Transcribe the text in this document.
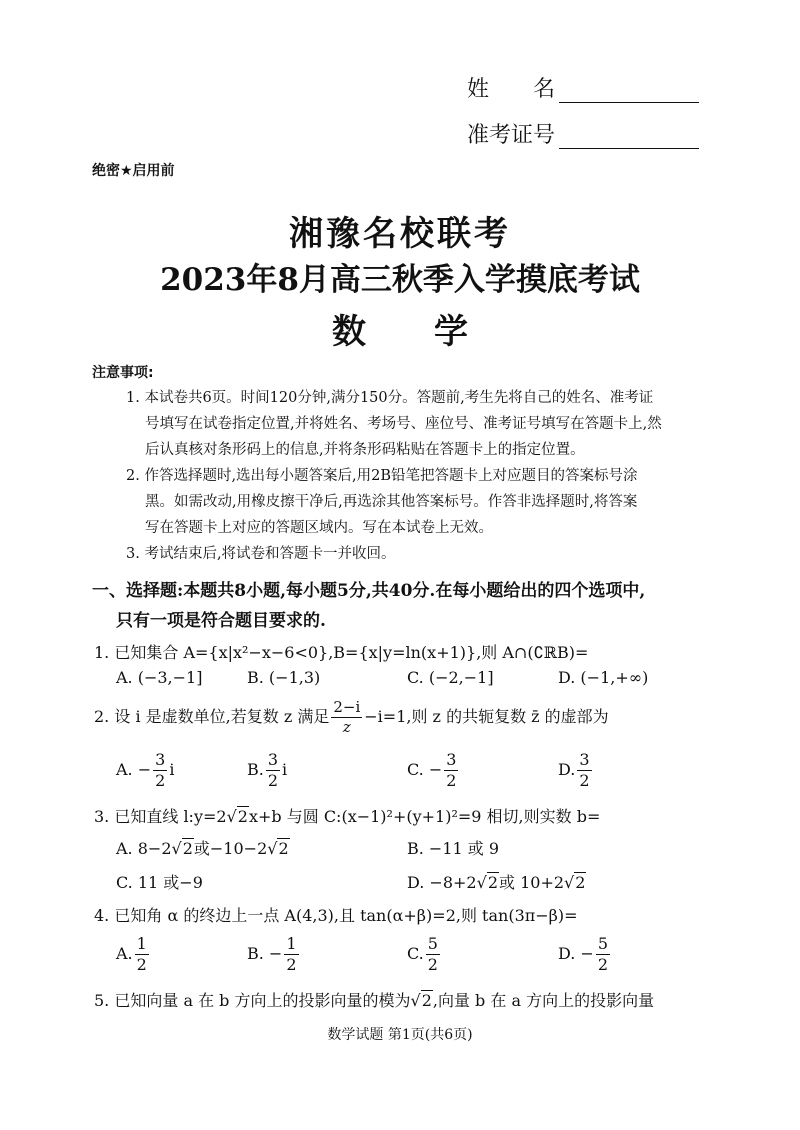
姓　　名
准考证号
绝密★启用前
湘豫名校联考
2023年8月高三秋季入学摸底考试
数　　学
注意事项:
1. 本试卷共6页。时间120分钟,满分150分。答题前,考生先将自己的姓名、准考证
号填写在试卷指定位置,并将姓名、考场号、座位号、准考证号填写在答题卡上,然
后认真核对条形码上的信息,并将条形码粘贴在答题卡上的指定位置。
2. 作答选择题时,选出每小题答案后,用2B铅笔把答题卡上对应题目的答案标号涂
黑。如需改动,用橡皮擦干净后,再选涂其他答案标号。作答非选择题时,将答案
写在答题卡上对应的答题区域内。写在本试卷上无效。
3. 考试结束后,将试卷和答题卡一并收回。
一、选择题:本题共8小题,每小题5分,共40分.在每小题给出的四个选项中,
只有一项是符合题目要求的.
1. 已知集合 A={x|x²−x−6<0},B={x|y=ln(x+1)},则 A∩(∁ℝB)=
A. (−3,−1]	B. (−1,3)	C. (−2,−1]	D. (−1,+∞)
2. 设 i 是虚数单位,若复数 z 满足 $\frac{2-i}{z} -i=1$,则 z 的共轭复数 z̄ 的虚部为
A. − $\frac{3}{2}$ i	B. $\frac{3}{2}$ i	C. − $\frac{3}{2}$	D. $\frac{3}{2}$
3. 已知直线 l:y=2√2x+b 与圆 C:(x−1)²+(y+1)²=9 相切,则实数 b=
A. 8−2√2或−10−2√2	B. −11 或 9
C. 11 或−9	D. −8+2√2或 10+2√2
4. 已知角 α 的终边上一点 A(4,3),且 tan(α+β)=2,则 tan(3π−β)=
A. $\frac{1}{2}$	B. − $\frac{1}{2}$	C. $\frac{5}{2}$	D. − $\frac{5}{2}$
5. 已知向量 a 在 b 方向上的投影向量的模为√2,向量 b 在 a 方向上的投影向量
数学试题 第1页(共6页)
